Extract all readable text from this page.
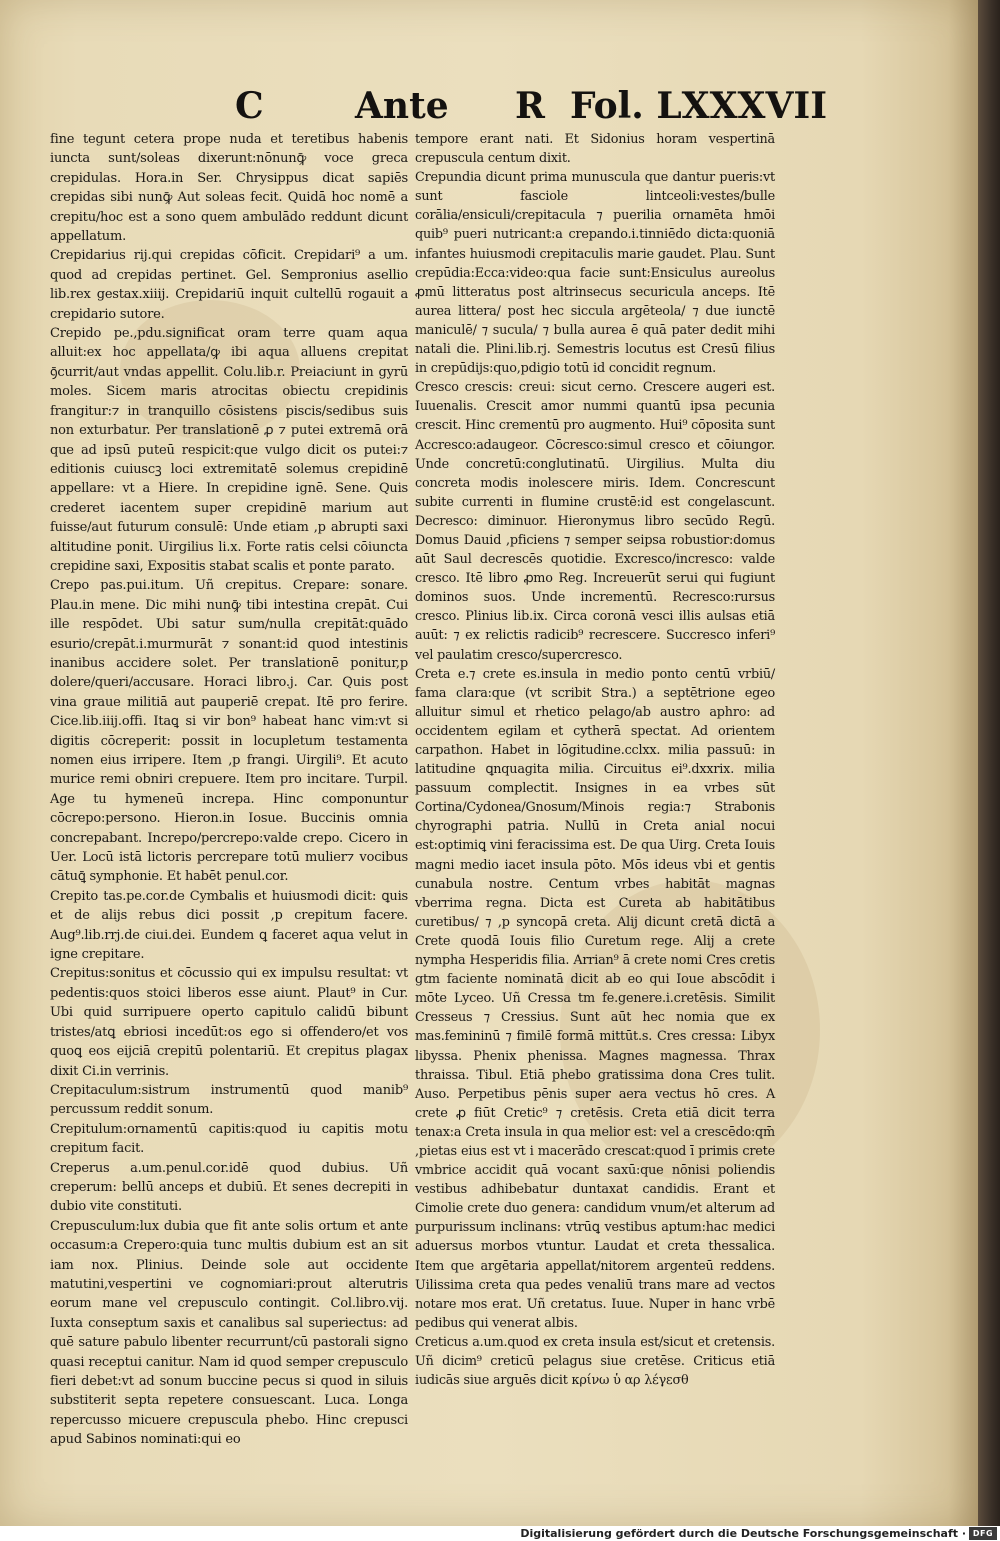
C	Ante R Fol. LXXXVII

fine tegunt cetera prope nuda et teretibus habenis iuncta sunt/soleas dixerunt:nōnunꝙ̄ voce greca crepidulas. Hora.in Ser. Chrysippus dicat sapiēs crepidas sibi nunꝙ̄ Aut soleas fecit. Quidā hoc nomē a crepitu/hoc est a sono quem ambulādo reddunt dicunt appellatum.

Crepidarius rij.qui crepidas cōficit. Crepidari⁹ a um. quod ad crepidas pertinet. Gel. Sempronius asellio lib.rex gestax.xiiij. Crepidariū inquit cultellū rogauit a crepidario sutore.

Crepido pe.,pdu.significat oram terre quam aqua alluit:ex hoc appellata/ꝙ ibi aqua alluens crepitat ꝯ̄currit/aut vndas appellit. Colu.lib.r. Preiaciunt in gyrū moles. Sicem maris atrocitas obiectu crepidinis frangitur:⁊ in tranquillo cōsistens piscis/sedibus suis non exturbatur. Per translationē ꝓ ⁊ putei extremā orā que ad ipsū puteū respicit:que vulgo dicit os putei:⁊ editionis cuiuscꝫ loci extremitatē solemus crepidinē appellare: vt a Hiere. In crepidine ignē. Sene. Quis crederet iacentem super crepidinē marium aut fuisse/aut futurum consulē: Unde etiam ,p abrupti saxi altitudine ponit. Uirgilius li.x. Forte ratis celsi cōiuncta crepidine saxi, Expositis stabat scalis et ponte parato.

Crepo pas.pui.itum. Uñ crepitus. Crepare: sonare. Plau.in mene. Dic mihi nunꝙ̄ tibi intestina crepāt. Cui ille respōdet. Ubi satur sum/nulla crepitāt:quādo esurio/crepāt.i.murmurāt ⁊ sonant:id quod intestinis inanibus accidere solet. Per translationē ponitur,p dolere/queri/accusare. Horaci libro.j. Car. Quis post vina graue militiā aut pauperiē crepat. Itē pro ferire. Cice.lib.iiij.offi. Itaꝗ si vir bon⁹ habeat hanc vim:vt si digitis cōcreperit: possit in locupletum testamenta nomen eius irripere. Item ,p frangi. Uirgili⁹. Et acuto murice remi obniri crepuere. Item pro incitare. Turpil. Age tu hymeneū increpa. Hinc componuntur cōcrepo:persono. Hieron.in Iosue. Buccinis omnia concrepabant. Increpo/percrepo:valde crepo. Cicero in Uer. Locū istā lictoris percrepare totū mulier⁊ vocibus cātuꝗ̄ symphonie. Et habēt penul.cor.

Crepito tas.pe.cor.de Cymbalis et huiusmodi dicit: ꝗuis et de alijs rebus dici possit ,p crepitum facere. Aug⁹.lib.rrj.de ciui.dei. Eundem ꝗ faceret aqua velut in igne crepitare.

Crepitus:sonitus et cōcussio qui ex impulsu resultat: vt pedentis:quos stoici liberos esse aiunt. Plaut⁹ in Cur. Ubi quid surripuere operto capitulo calidū bibunt tristes/atꝗ ebriosi incedūt:os ego si offendero/et vos quoꝗ eos eijciā crepitū polentariū. Et crepitus plagax dixit Ci.in verrinis.

Crepitaculum:sistrum instrumentū quod manib⁹ percussum reddit sonum.

Crepitulum:ornamentū capitis:quod iu capitis motu crepitum facit.

Creperus a.um.penul.cor.idē quod dubius. Uñ creperum: bellū anceps et dubiū. Et senes decrepiti in dubio vite constituti.

Crepusculum:lux dubia que fit ante solis ortum et ante occasum:a Crepero:quia tunc multis dubium est an sit iam nox. Plinius. Deinde sole aut occidente matutini,vespertini ve cognomiari:prout alterutris eorum mane vel crepusculo contingit. Col.libro.vij. Iuxta conseptum saxis et canalibus sal superiectus: ad quē sature pabulo libenter recurrunt/cū pastorali signo quasi receptui canitur. Nam id quod semper crepusculo fieri debet:vt ad sonum buccine pecus si quod in siluis substiterit septa repetere consuescant. Luca. Longa repercusso micuere crepuscula phebo. Hinc crepusci apud Sabinos nominati:qui eo

tempore erant nati. Et Sidonius horam vespertinā crepuscula centum dixit.

Crepundia dicunt prima munuscula que dantur pueris:vt sunt fasciole lintceoli:vestes/bulle corālia/ensiculi/crepitacula ⁊ puerilia ornamēta hmōi quib⁹ pueri nutricant:a crepando.i.tinniēdo dicta:quoniā infantes huiusmodi crepitaculis marie gaudet. Plau. Sunt crepūdia:Ecca:video:qua facie sunt:Ensiculus aureolus ꝓmū litteratus post altrinsecus securicula anceps. Itē aurea littera/ post hec siccula argēteola/ ⁊ due iunctē maniculē/ ⁊ sucula/ ⁊ bulla aurea ē quā pater dedit mihi natali die. Plini.lib.rj. Semestris locutus est Cresū filius in crepūdijs:quo,pdigio totū id concidit regnum.

Cresco crescis: creui: sicut cerno. Crescere augeri est. Iuuenalis. Crescit amor nummi quantū ipsa pecunia crescit. Hinc crementū pro augmento. Hui⁹ cōposita sunt Accresco:adaugeor. Cōcresco:simul cresco et cōiungor. Unde concretū:conglutinatū. Uirgilius. Multa diu concreta modis inolescere miris. Idem. Concrescunt subite currenti in flumine crustē:id est congelascunt. Decresco: diminuor. Hieronymus libro secūdo Regū. Domus Dauid ,pficiens ⁊ semper seipsa robustior:domus aūt Saul decrescēs quotidie. Excresco/incresco: valde cresco. Itē libro ꝓmo Reg. Increuerūt serui qui fugiunt dominos suos. Unde incrementū. Recresco:rursus cresco. Plinius lib.ix. Circa coronā vesci illis aulsas etiā auūt: ⁊ ex relictis radicib⁹ recrescere. Succresco inferi⁹ vel paulatim cresco/supercresco.

Creta e.⁊ crete es.insula in medio ponto centū vrbiū/ fama clara:que (vt scribit Stra.) a septētrione egeo alluitur simul et rhetico pelago/ab austro aphro: ad occidentem egilam et cytherā spectat. Ad orientem carpathon. Habet in lōgitudine.cclxx. milia passuū: in latitudine ꝗnquagita milia. Circuitus ei⁹.dxxrix. milia passuum complectit. Insignes in ea vrbes sūt Cortina/Cydonea/Gnosum/Minois regia:⁊ Strabonis chyrographi patria. Nullū in Creta anial nocui est:optimiꝗ vini feracissima est. De qua Uirg. Creta Iouis magni medio iacet insula pōto. Mōs ideus vbi et gentis cunabula nostre. Centum vrbes habitāt magnas vberrima regna. Dicta est Cureta ab habitātibus curetibus/ ⁊ ,p syncopā creta. Alij dicunt cretā dictā a Crete quodā Iouis filio Curetum rege. Alij a crete nympha Hesperidis filia. Arrian⁹ ā crete nomi Cres cretis gtm faciente nominatā dicit ab eo qui Ioue abscōdit i mōte Lyceo. Uñ Cressa tm fe.genere.i.cretēsis. Similit Cresseus ⁊ Cressius. Sunt aūt hec nomia que ex mas.femininū ⁊ fimilē formā mittūt.s. Cres cressa: Libyx libyssa. Phenix phenissa. Magnes magnessa. Thrax thraissa. Tibul. Etiā phebo gratissima dona Cres tulit. Auso. Perpetibus pēnis super aera vectus hō cres. A crete ꝓ fiūt Cretic⁹ ⁊ cretēsis. Creta etiā dicit terra tenax:a Creta insula in qua melior est: vel a crescēdo:qm̄ ,pietas eius est vt i macerādo crescat:quod ī primis crete vmbrice accidit quā vocant saxū:que nōnisi poliendis vestibus adhibebatur duntaxat candidis. Erant et Cimolie crete duo genera: candidum vnum/et alterum ad purpurissum inclinans: vtrūꝗ vestibus aptum:hac medici aduersus morbos vtuntur. Laudat et creta thessalica. Item que argētaria appellat/nitorem argenteū reddens. Uilissima creta qua pedes venaliū trans mare ad vectos notare mos erat. Uñ cretatus. Iuue. Nuper in hanc vrbē pedibus qui venerat albis.

Creticus a.um.quod ex creta insula est/sicut et cretensis. Uñ dicim⁹ creticū pelagus siue cretēse. Criticus etiā iudicās siue arguēs dicit κρίνω ὑ αρ λέγεσθ

Digitalisierung gefördert durch die Deutsche Forschungsgemeinschaft · DFG
